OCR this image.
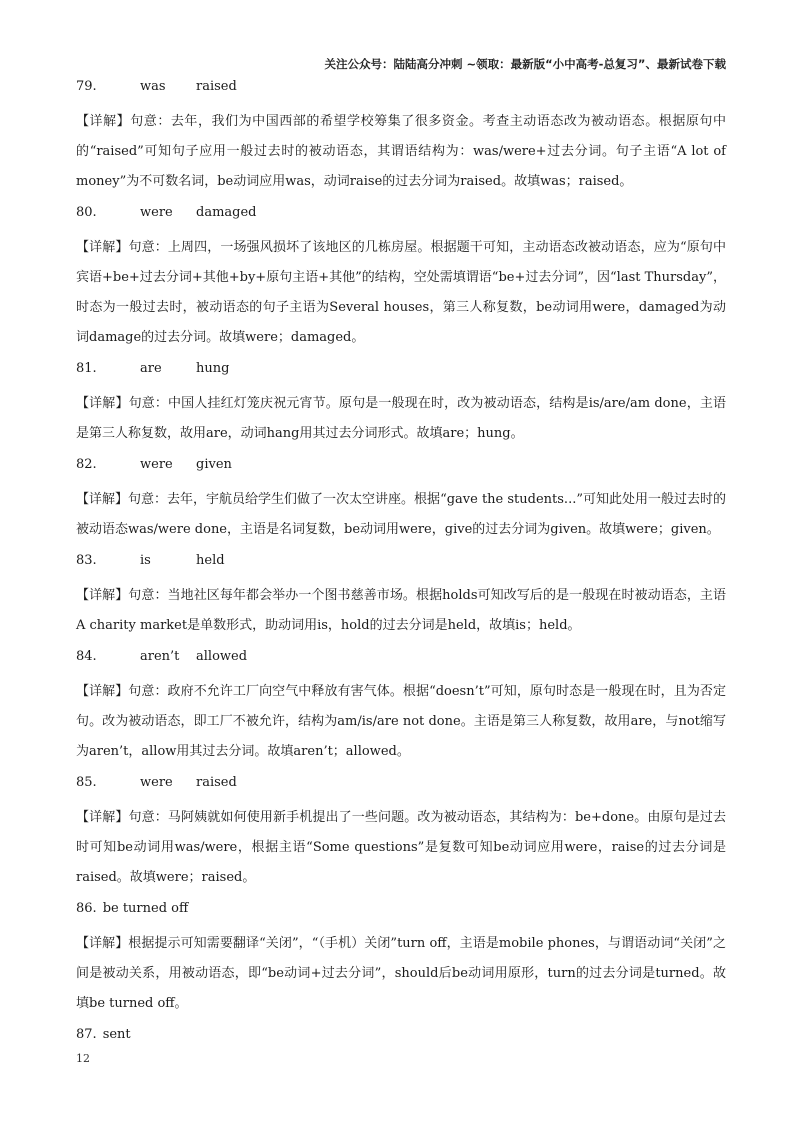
关注公众号：陆陆高分冲刺 ~领取：最新版“小中高考-总复习”、最新试卷下载
79.	was raised
【详解】句意：去年，我们为中国西部的希望学校筹集了很多资金。考查主动语态改为被动语态。根据原句中的“raised”可知句子应用一般过去时的被动语态，其谓语结构为：was/were+过去分词。句子主语“A lot of money”为不可数名词，be动词应用was，动词raise的过去分词为raised。故填was；raised。
80.	were damaged
【详解】句意：上周四，一场强风损坏了该地区的几栋房屋。根据题干可知，主动语态改被动语态，应为“原句中宾语+be+过去分词+其他+by+原句主语+其他”的结构，空处需填谓语“be+过去分词”，因“last Thursday”，时态为一般过去时，被动语态的句子主语为Several houses，第三人称复数，be动词用were，damaged为动词damage的过去分词。故填were；damaged。
81.	are	hung
【详解】句意：中国人挂红灯笼庆祝元宵节。原句是一般现在时，改为被动语态，结构是is/are/am done，主语是第三人称复数，故用are，动词hang用其过去分词形式。故填are；hung。
82.	were given
【详解】句意：去年，宇航员给学生们做了一次太空讲座。根据“gave the students...”可知此处用一般过去时的被动语态was/were done，主语是名词复数，be动词用were，give的过去分词为given。故填were；given。
83.	is	held
【详解】句意：当地社区每年都会举办一个图书慈善市场。根据holds可知改写后的是一般现在时被动语态，主语A charity market是单数形式，助动词用is，hold的过去分词是held，故填is；held。
84.	aren’t allowed
【详解】句意：政府不允许工厂向空气中释放有害气体。根据“doesn’t”可知，原句时态是一般现在时，且为否定句。改为被动语态，即工厂不被允许，结构为am/is/are not done。主语是第三人称复数，故用are，与not缩写为aren’t，allow用其过去分词。故填aren’t；allowed。
85.	were raised
【详解】句意：马阿姨就如何使用新手机提出了一些问题。改为被动语态，其结构为：be+done。由原句是过去时可知be动词用was/were，根据主语“Some questions”是复数可知be动词应用were，raise的过去分词是raised。故填were；raised。
86. be turned off
【详解】根据提示可知需要翻译“关闭”，“（手机）关闭”turn off，主语是mobile phones，与谓语动词“关闭”之间是被动关系，用被动语态，即“be动词+过去分词”，should后be动词用原形，turn的过去分词是turned。故填be turned off。
87. sent
12
